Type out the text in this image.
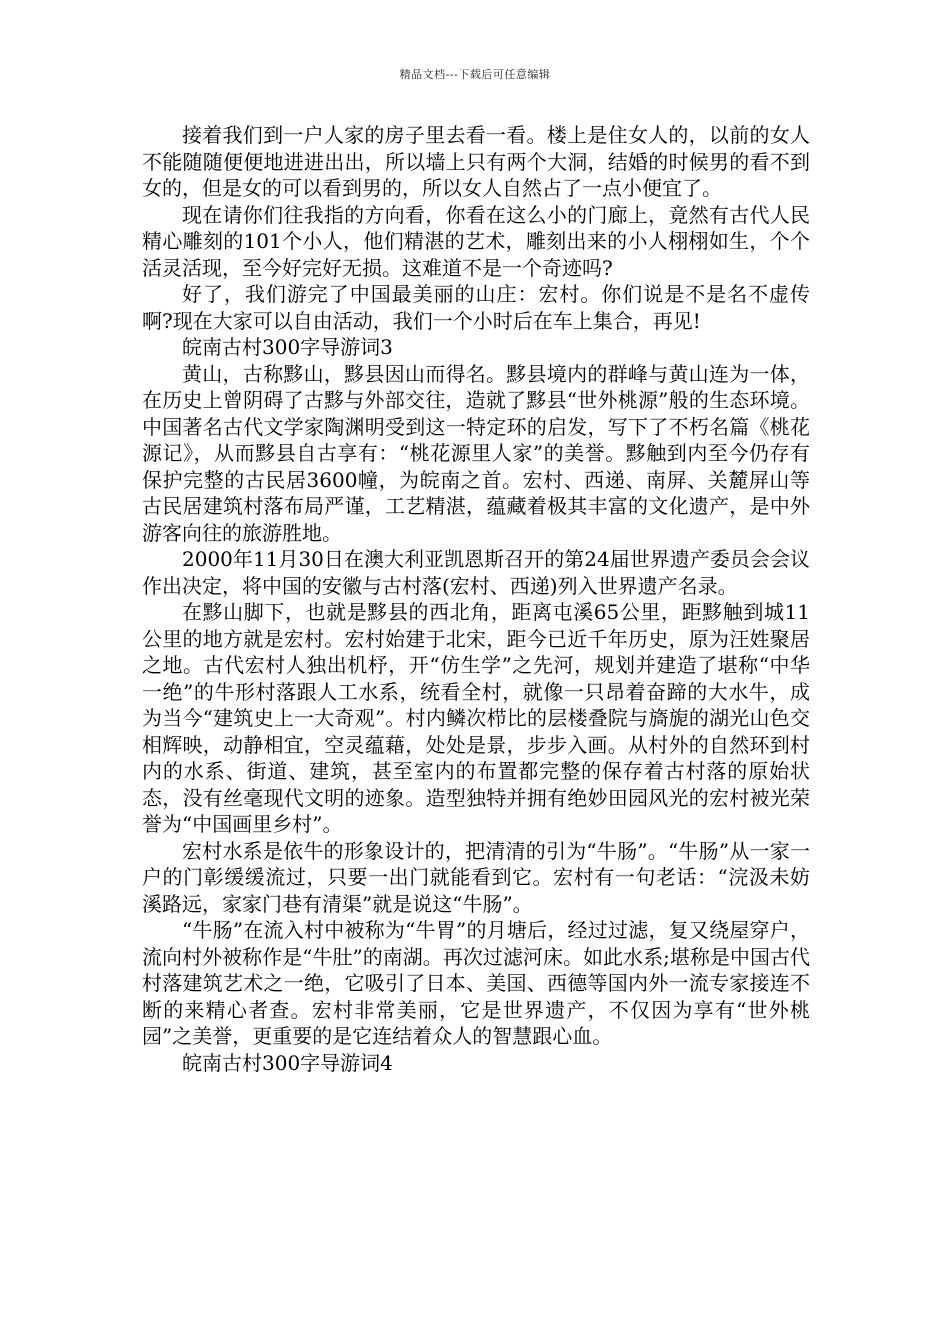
精品文档---下载后可任意编辑

接着我们到一户人家的房子里去看一看。楼上是住女人的，以前的女人不能随随便便地进进出出，所以墙上只有两个大洞，结婚的时候男的看不到女的，但是女的可以看到男的，所以女人自然占了一点小便宜了。

现在请你们往我指的方向看，你看在这么小的门廊上，竟然有古代人民精心雕刻的101个小人，他们精湛的艺术，雕刻出来的小人栩栩如生，个个活灵活现，至今好完好无损。这难道不是一个奇迹吗?

好了，我们游完了中国最美丽的山庄：宏村。你们说是不是名不虚传啊?现在大家可以自由活动，我们一个小时后在车上集合，再见!

皖南古村300字导游词3

黄山，古称黟山，黟县因山而得名。黟县境内的群峰与黄山连为一体，在历史上曾阴碍了古黟与外部交往，造就了黟县“世外桃源”般的生态环境。中国著名古代文学家陶渊明受到这一特定环的启发，写下了不朽名篇《桃花源记》，从而黟县自古享有：“桃花源里人家”的美誉。黟触到内至今仍存有保护完整的古民居3600幢，为皖南之首。宏村、西递、南屏、关麓屏山等古民居建筑村落布局严谨，工艺精湛，蕴藏着极其丰富的文化遗产，是中外游客向往的旅游胜地。

2000年11月30日在澳大利亚凯恩斯召开的第24届世界遗产委员会会议作出决定，将中国的安徽与古村落(宏村、西递)列入世界遗产名录。

在黟山脚下，也就是黟县的西北角，距离屯溪65公里，距黟触到城11公里的地方就是宏村。宏村始建于北宋，距今已近千年历史，原为汪姓聚居之地。古代宏村人独出机杼，开“仿生学”之先河，规划并建造了堪称“中华一绝”的牛形村落跟人工水系，统看全村，就像一只昂着奋蹄的大水牛，成为当今“建筑史上一大奇观”。村内鳞次栉比的层楼叠院与旖旎的湖光山色交相辉映，动静相宜，空灵蕴藉，处处是景，步步入画。从村外的自然环到村内的水系、街道、建筑，甚至室内的布置都完整的保存着古村落的原始状态，没有丝毫现代文明的迹象。造型独特并拥有绝妙田园风光的宏村被光荣誉为“中国画里乡村”。

宏村水系是依牛的形象设计的，把清清的引为“牛肠”。“牛肠”从一家一户的门彰缓缓流过，只要一出门就能看到它。宏村有一句老话：“浣汲未妨溪路远，家家门巷有清渠”就是说这“牛肠”。

“牛肠”在流入村中被称为“牛胃”的月塘后，经过过滤，复又绕屋穿户，流向村外被称作是“牛肚”的南湖。再次过滤河床。如此水系;堪称是中国古代村落建筑艺术之一绝，它吸引了日本、美国、西德等国内外一流专家接连不断的来精心者查。宏村非常美丽，它是世界遗产，不仅因为享有“世外桃园”之美誉，更重要的是它连结着众人的智慧跟心血。

皖南古村300字导游词4
